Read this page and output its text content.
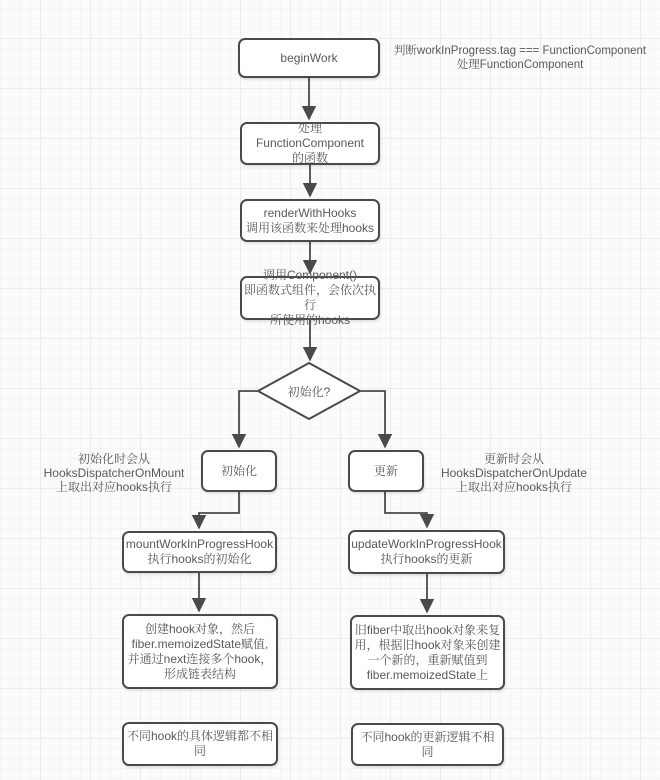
beginWork
处理FunctionComponent
的函数
renderWithHooks
调用该函数来处理hooks
调用Component()
即函数式组件，会依次执行
所使用的hooks
初始化?
初始化	更新
mountWorkInProgressHook
执行hooks的初始化
updateWorkInProgressHook
执行hooks的更新
创建hook对象，然后
fiber.memoizedState赋值,
并通过next连接多个hook，
形成链表结构
旧fiber中取出hook对象来复
用，根据旧hook对象来创建
一个新的，重新赋值到
fiber.memoizedState上
不同hook的具体逻辑都不相
同
不同hook的更新逻辑不相同
判断workInProgress.tag === FunctionComponent
处理FunctionComponent
初始化时会从
HooksDispatcherOnMount
上取出对应hooks执行
更新时会从
HooksDispatcherOnUpdate
上取出对应hooks执行
